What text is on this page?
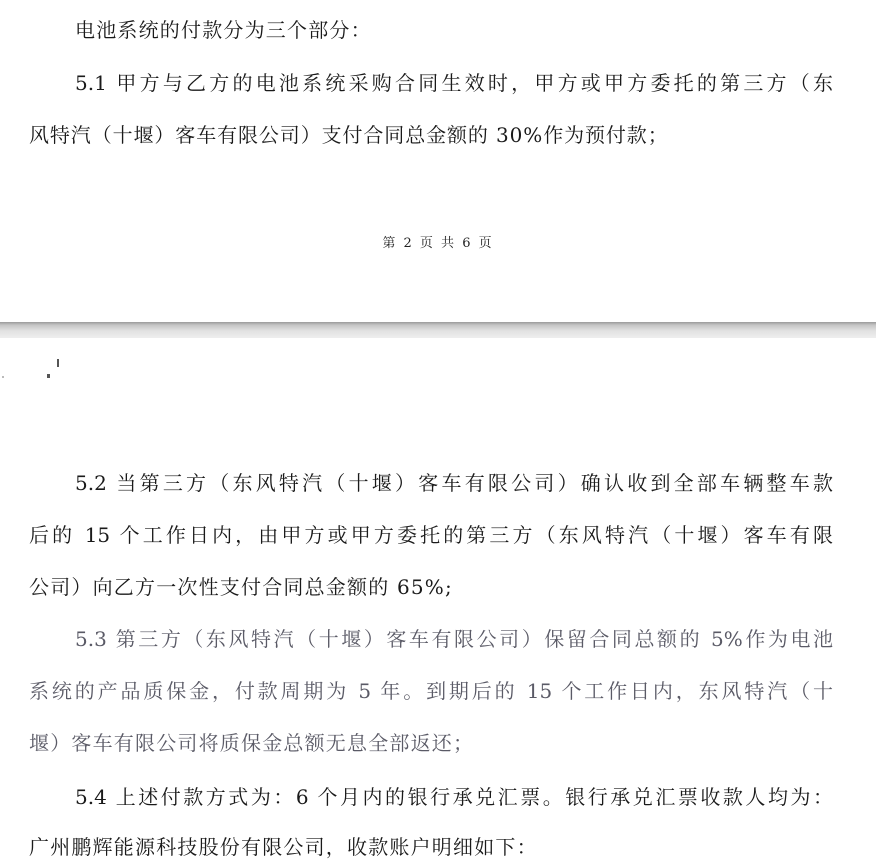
电池系统的付款分为三个部分：

5.1 甲方与乙方的电池系统采购合同生效时，甲方或甲方委托的第三方（东

风特汽（十堰）客车有限公司）支付合同总金额的 30%作为预付款；

第 2 页 共 6 页

5.2 当第三方（东风特汽（十堰）客车有限公司）确认收到全部车辆整车款

后的 15 个工作日内，由甲方或甲方委托的第三方（东风特汽（十堰）客车有限

公司）向乙方一次性支付合同总金额的 65%;

5.3 第三方（东风特汽（十堰）客车有限公司）保留合同总额的 5%作为电池

系统的产品质保金，付款周期为 5 年。到期后的 15 个工作日内，东风特汽（十

堰）客车有限公司将质保金总额无息全部返还；

5.4 上述付款方式为：6 个月内的银行承兑汇票。银行承兑汇票收款人均为：

广州鹏辉能源科技股份有限公司，收款账户明细如下：
